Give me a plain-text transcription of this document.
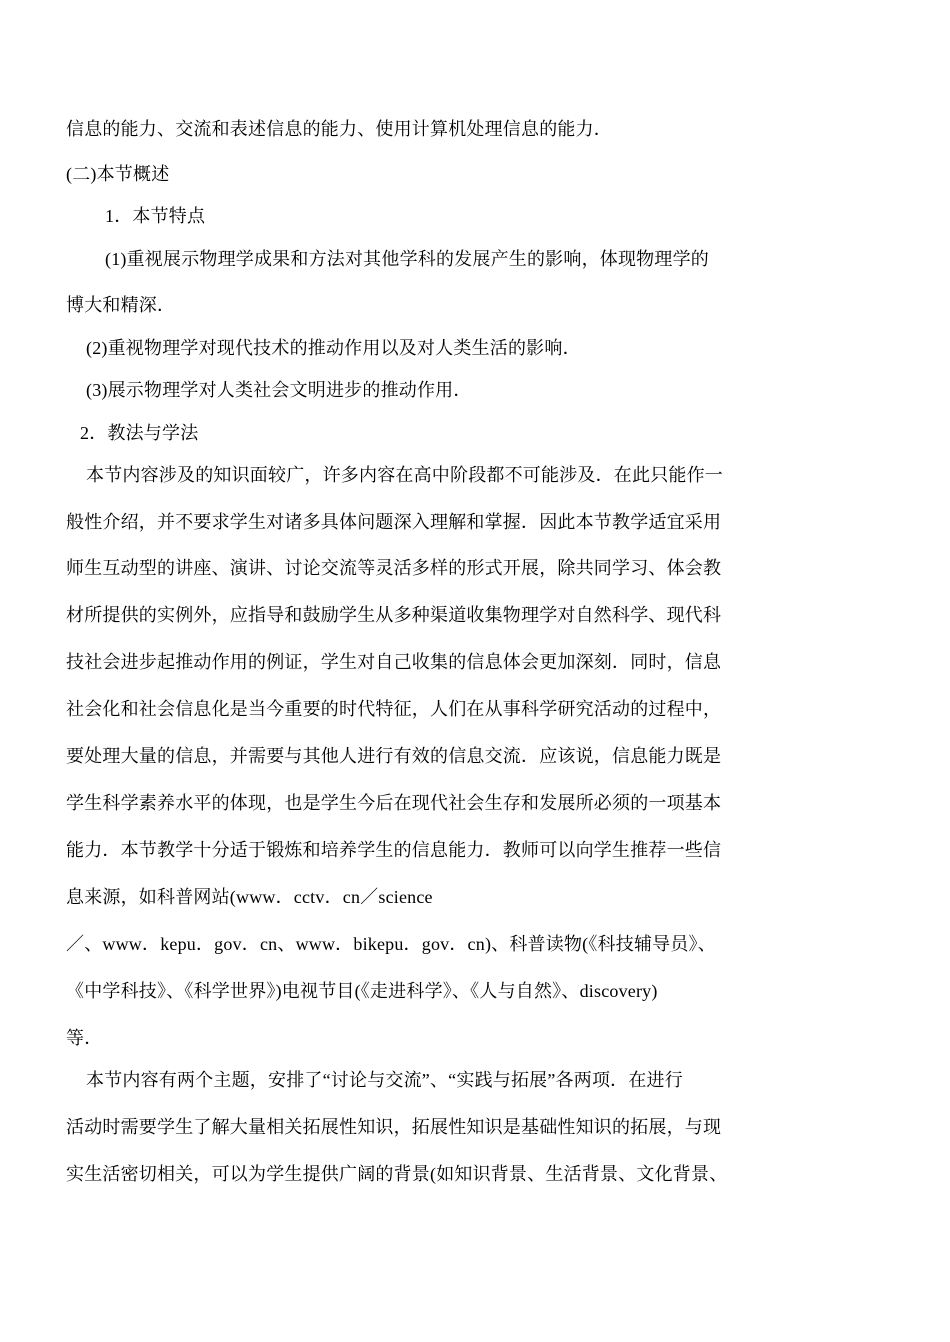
信息的能力、交流和表述信息的能力、使用计算机处理信息的能力．
(二)本节概述
1．本节特点
(1)重视展示物理学成果和方法对其他学科的发展产生的影响，体现物理学的
博大和精深．
(2)重视物理学对现代技术的推动作用以及对人类生活的影响．
(3)展示物理学对人类社会文明进步的推动作用．
2．教法与学法
本节内容涉及的知识面较广，许多内容在高中阶段都不可能涉及．在此只能作一
般性介绍，并不要求学生对诸多具体问题深入理解和掌握．因此本节教学适宜采用
师生互动型的讲座、演讲、讨论交流等灵活多样的形式开展，除共同学习、体会教
材所提供的实例外，应指导和鼓励学生从多种渠道收集物理学对自然科学、现代科
技社会进步起推动作用的例证，学生对自己收集的信息体会更加深刻．同时，信息
社会化和社会信息化是当今重要的时代特征，人们在从事科学研究活动的过程中，
要处理大量的信息，并需要与其他人进行有效的信息交流．应该说，信息能力既是
学生科学素养水平的体现，也是学生今后在现代社会生存和发展所必须的一项基本
能力．本节教学十分适于锻炼和培养学生的信息能力．教师可以向学生推荐一些信
息来源，如科普网站(www．cctv．cn／science
／、www．kepu．gov．cn、www．bikepu．gov．cn)、科普读物(《科技辅导员》、
《中学科技》、《科学世界》)电视节目(《走进科学》、《人与自然》、discovery)
等．
本节内容有两个主题，安排了“讨论与交流”、“实践与拓展”各两项．在进行
活动时需要学生了解大量相关拓展性知识，拓展性知识是基础性知识的拓展，与现
实生活密切相关，可以为学生提供广阔的背景(如知识背景、生活背景、文化背景、
